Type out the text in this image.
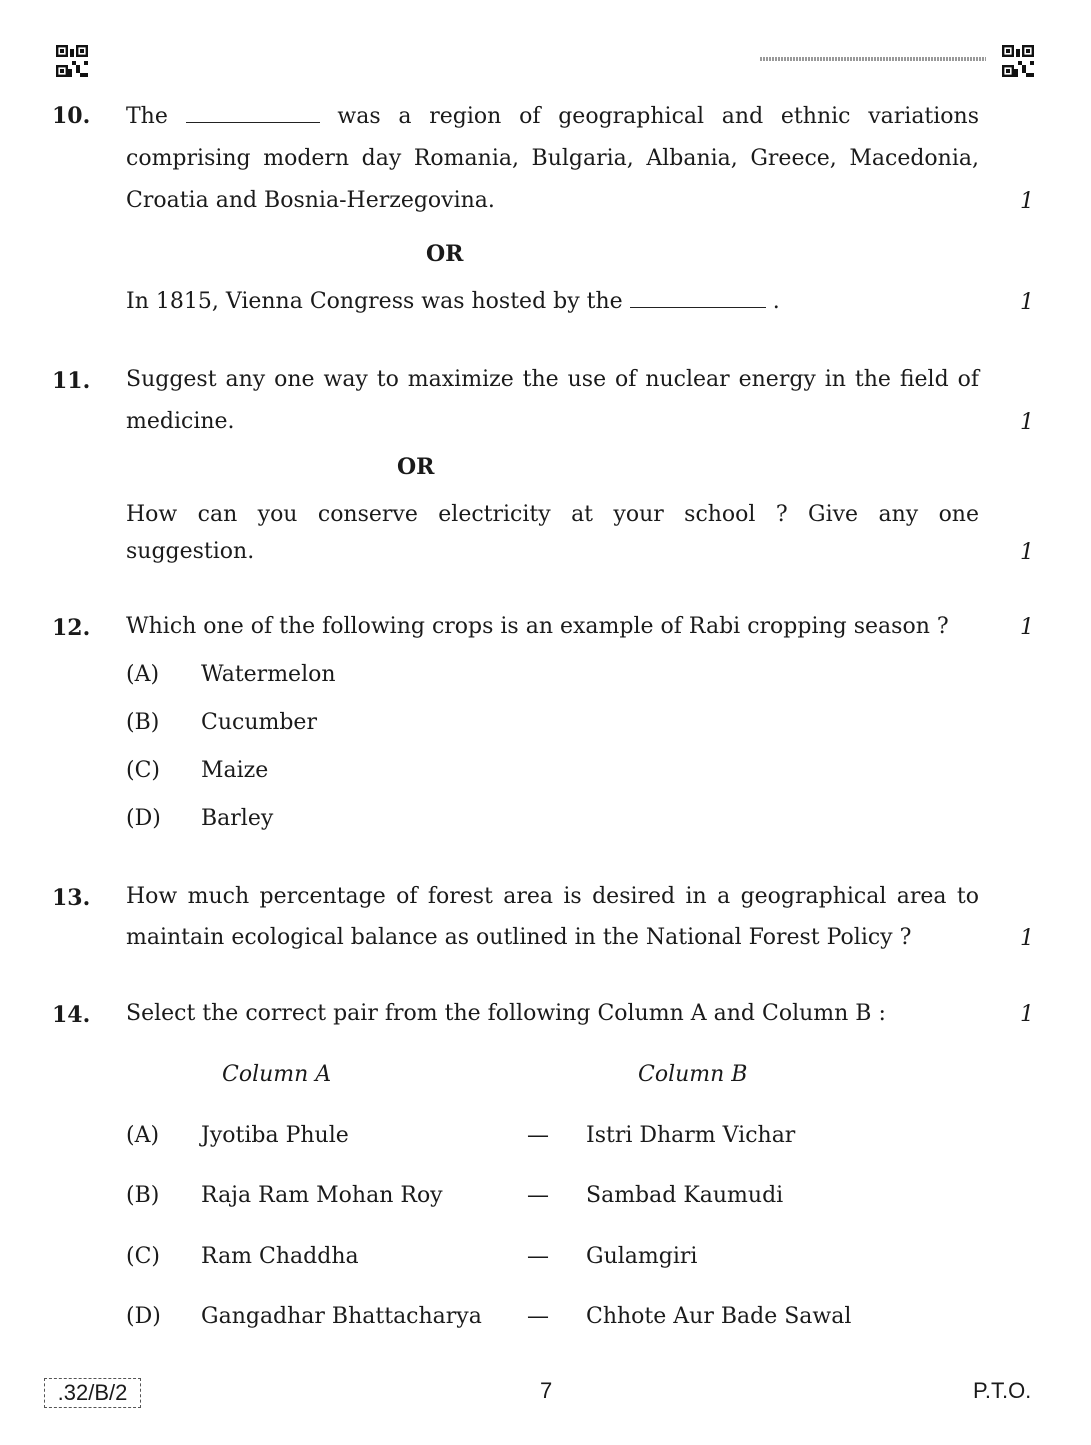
10. The	was a region of geographical and ethnic variations
comprising modern day Romania, Bulgaria, Albania, Greece, Macedonia,
Croatia and Bosnia-Herzegovina.	1
OR
In 1815, Vienna Congress was hosted by the	.	1
11. Suggest any one way to maximize the use of nuclear energy in the field of
medicine.	1
OR
How can you conserve electricity at your school ? Give any one
suggestion.	1
12. Which one of the following crops is an example of Rabi cropping season ?	1
(A) Watermelon
(B) Cucumber
(C) Maize
(D) Barley
13. How much percentage of forest area is desired in a geographical area to
maintain ecological balance as outlined in the National Forest Policy ?	1
14. Select the correct pair from the following Column A and Column B :	1
Column A	Column B
(A) Jyotiba Phule	— Istri Dharm Vichar
(B) Raja Ram Mohan Roy	— Sambad Kaumudi
(C) Ram Chaddha	— Gulamgiri
(D) Gangadhar Bhattacharya — Chhote Aur Bade Sawal
.32/B/2	7	P.T.O.
